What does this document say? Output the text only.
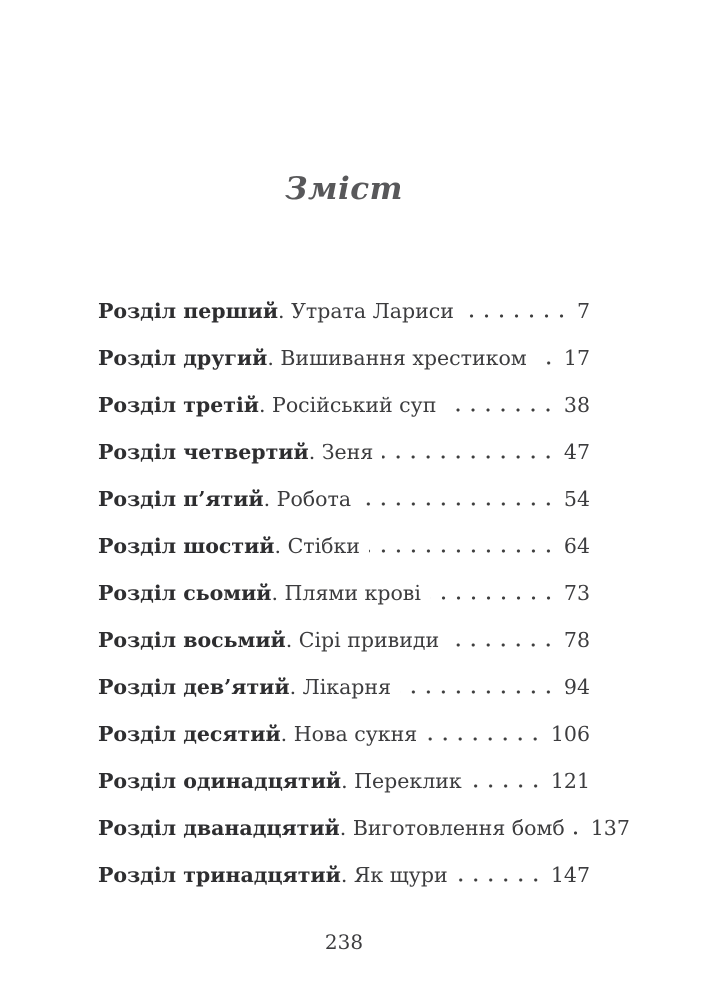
Зміст
Розділ перший . Утрата Лариси	7
Розділ другий . Вишивання хрестиком 17
Розділ третій . Російський суп	38
Розділ четвертий . Зеня	47
Розділ п’ятий . Робота	54
Розділ шостий . Стібки	64
Розділ сьомий . Плями крові	73
Розділ восьмий . Сірі привиди	78
Розділ дев’ятий . Лікарня	94
Розділ десятий . Нова сукня	106
Розділ одинадцятий . Переклик	121
Розділ дванадцятий . Виготовлення бомб 137
Розділ тринадцятий . Як щури	147
238
